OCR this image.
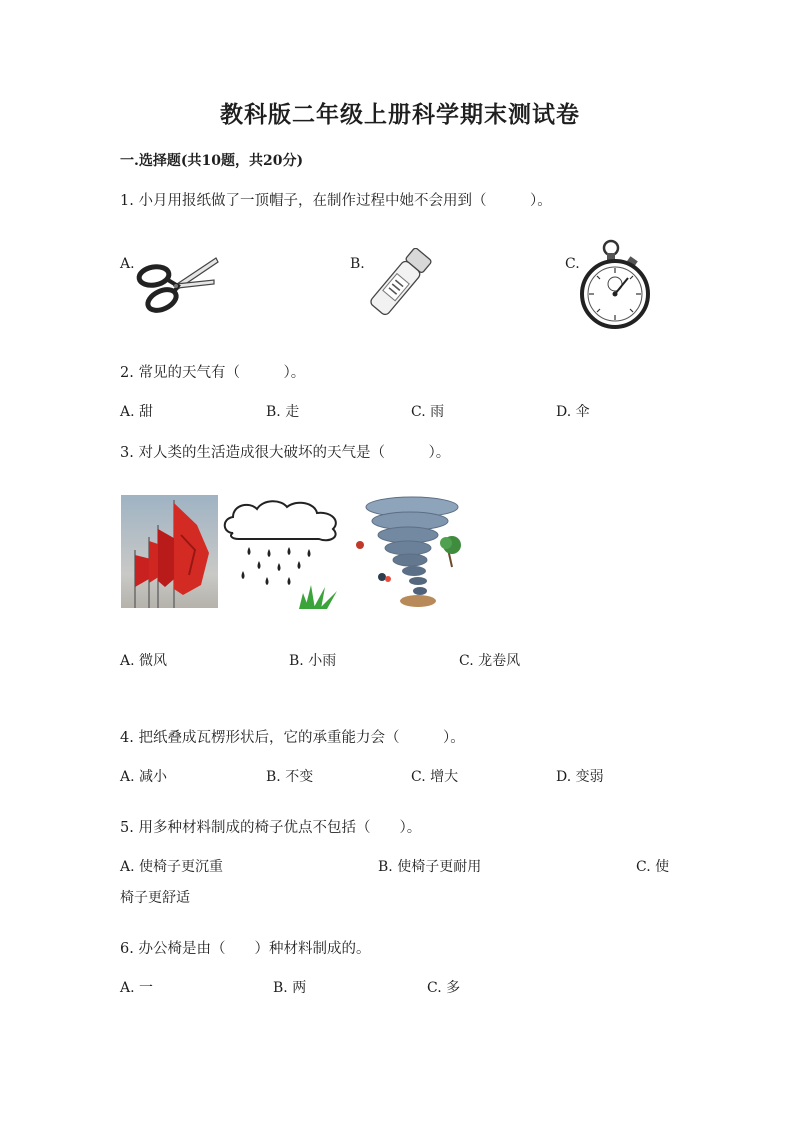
教科版二年级上册科学期末测试卷
一.选择题(共10题，共20分)
1. 小月用报纸做了一顶帽子，在制作过程中她不会用到（　　　）。
A.	B.	C.
2. 常见的天气有（　　　）。
A. 甜	B. 走	C. 雨	D. 伞
3. 对人类的生活造成很大破坏的天气是（　　　）。
A. 微风	B. 小雨	C. 龙卷风
4. 把纸叠成瓦楞形状后，它的承重能力会（　　　）。
A. 减小	B. 不变	C. 增大	D. 变弱
5. 用多种材料制成的椅子优点不包括（　　）。
A. 使椅子更沉重	B. 使椅子更耐用	C. 使
椅子更舒适
6. 办公椅是由（　　）种材料制成的。
A. 一	B. 两	C. 多
